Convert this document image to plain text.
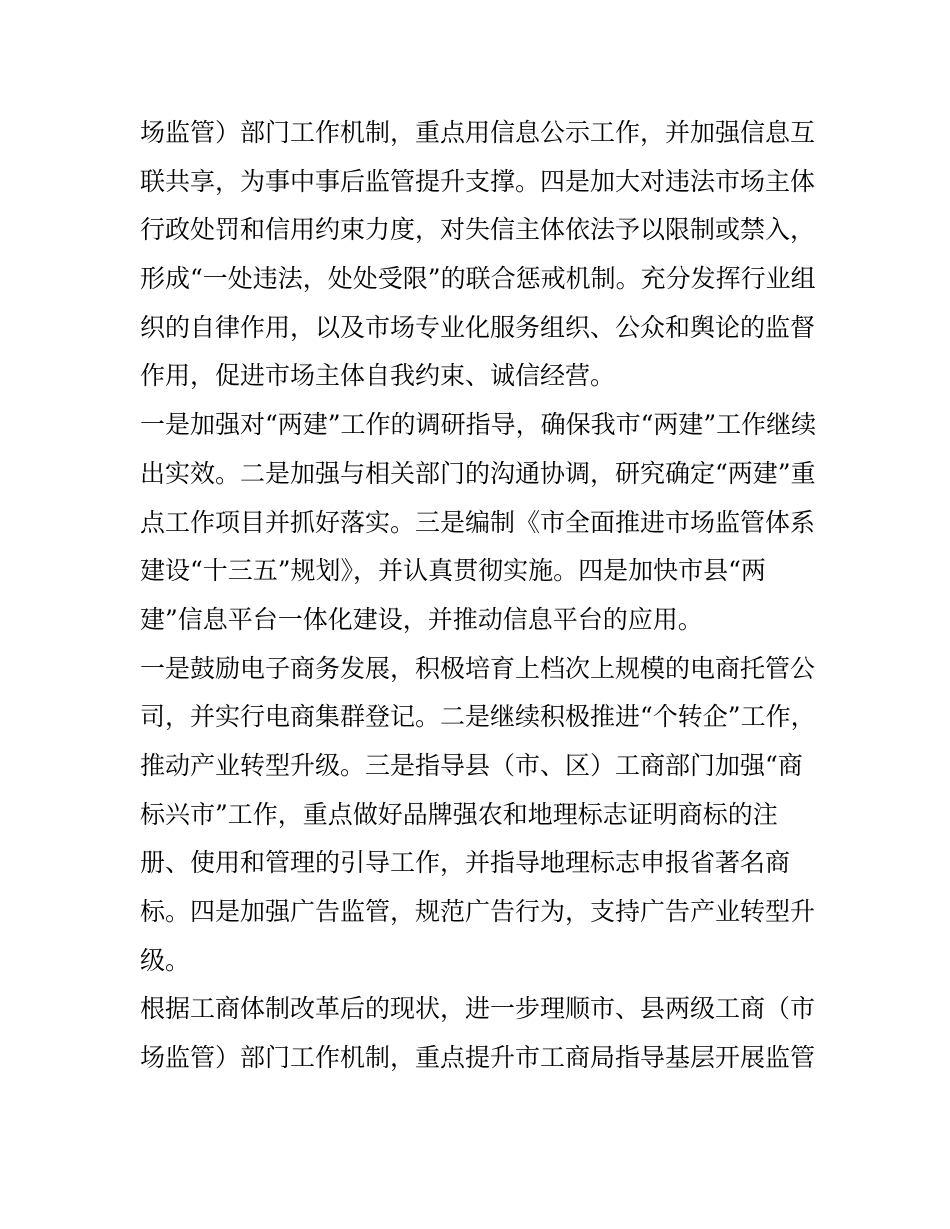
场监管）部门工作机制，重点用信息公示工作，并加强信息互
联共享，为事中事后监管提升支撑。四是加大对违法市场主体
行政处罚和信用约束力度，对失信主体依法予以限制或禁入，
形成“一处违法，处处受限”的联合惩戒机制。充分发挥行业组
织的自律作用，以及市场专业化服务组织、公众和舆论的监督
作用，促进市场主体自我约束、诚信经营。
一是加强对“两建”工作的调研指导，确保我市“两建”工作继续
出实效。二是加强与相关部门的沟通协调，研究确定“两建”重
点工作项目并抓好落实。三是编制《市全面推进市场监管体系
建设“十三五”规划》，并认真贯彻实施。四是加快市县“两
建”信息平台一体化建设，并推动信息平台的应用。
一是鼓励电子商务发展，积极培育上档次上规模的电商托管公
司，并实行电商集群登记。二是继续积极推进“个转企”工作，
推动产业转型升级。三是指导县（市、区）工商部门加强“商
标兴市”工作，重点做好品牌强农和地理标志证明商标的注
册、使用和管理的引导工作，并指导地理标志申报省著名商
标。四是加强广告监管，规范广告行为，支持广告产业转型升
级。
根据工商体制改革后的现状，进一步理顺市、县两级工商（市
场监管）部门工作机制，重点提升市工商局指导基层开展监管
